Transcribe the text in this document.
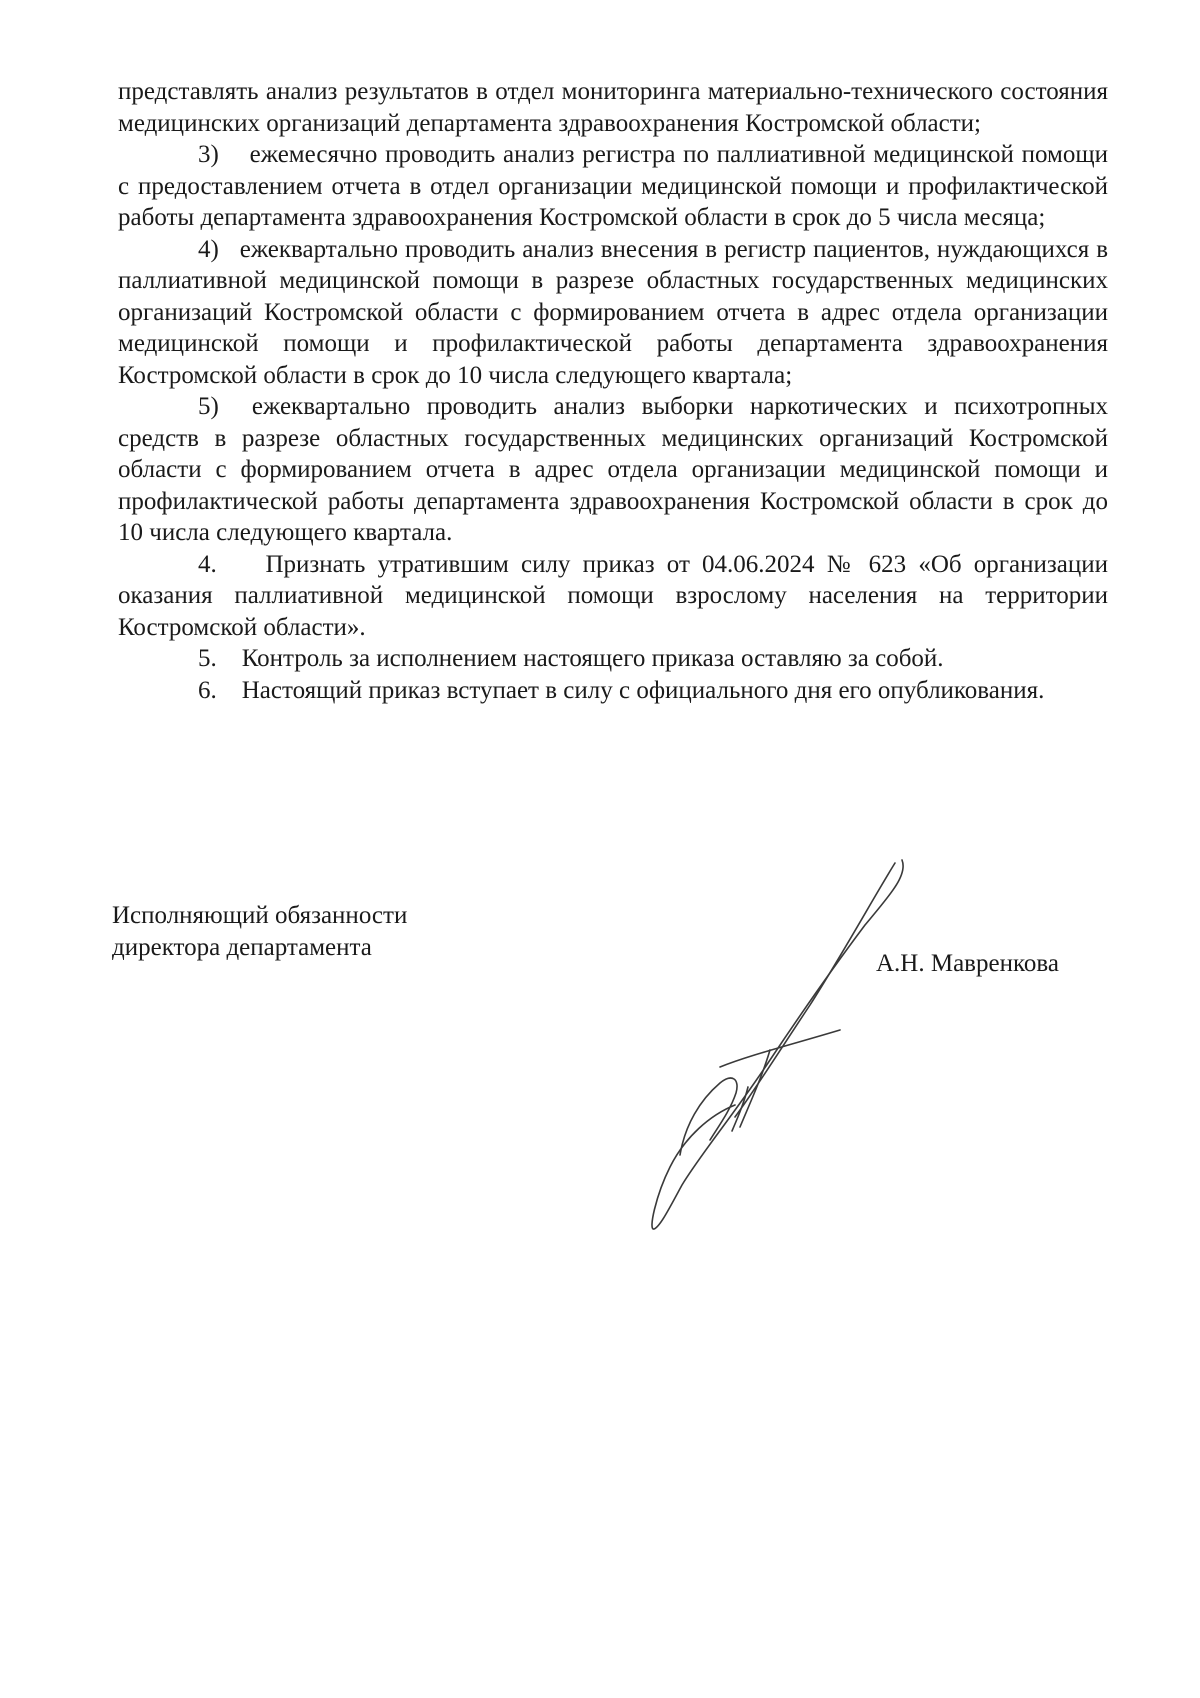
представлять анализ результатов в отдел мониторинга материально-технического состояния медицинских организаций департамента здравоохранения Костромской области;

3) ежемесячно проводить анализ регистра по паллиативной медицинской помощи с предоставлением отчета в отдел организации медицинской помощи и профилактической работы департамента здравоохранения Костромской области в срок до 5 числа месяца;

4) ежеквартально проводить анализ внесения в регистр пациентов, нуждающихся в паллиативной медицинской помощи в разрезе областных государственных медицинских организаций Костромской области с формированием отчета в адрес отдела организации медицинской помощи и профилактической работы департамента здравоохранения Костромской области в срок до 10 числа следующего квартала;

5) ежеквартально проводить анализ выборки наркотических и психотропных средств в разрезе областных государственных медицинских организаций Костромской области с формированием отчета в адрес отдела организации медицинской помощи и профилактической работы департамента здравоохранения Костромской области в срок до 10 числа следующего квартала.

4. Признать утратившим силу приказ от 04.06.2024 № 623 «Об организации оказания паллиативной медицинской помощи взрослому населения на территории Костромской области».

5. Контроль за исполнением настоящего приказа оставляю за собой.

6. Настоящий приказ вступает в силу с официального дня его опубликования.

Исполняющий обязанности
директора департамента
А.Н. Мавренкова
